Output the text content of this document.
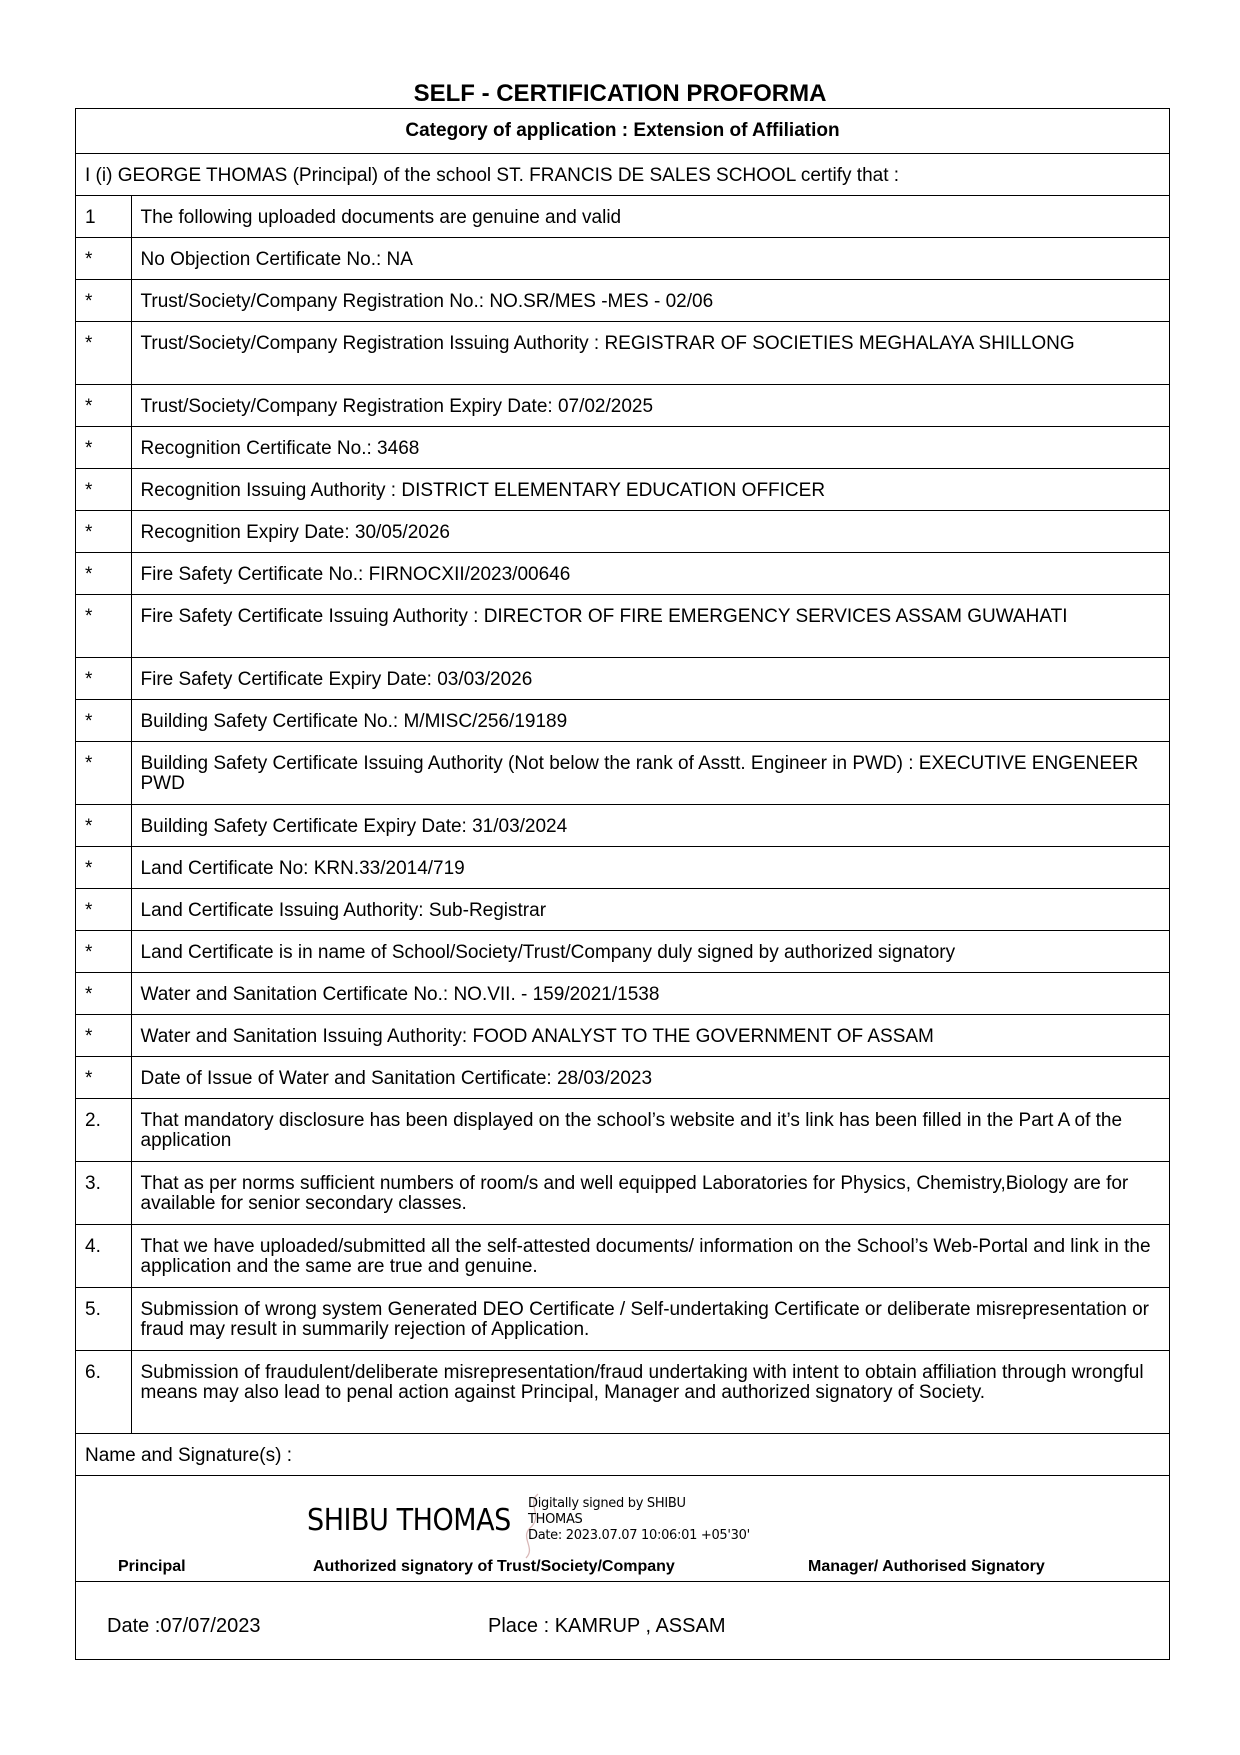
SELF - CERTIFICATION PROFORMA
Category of application : Extension of Affiliation	
I (i) GEORGE THOMAS (Principal) of the school ST. FRANCIS DE SALES SCHOOL certify that :	
1	The following uploaded documents are genuine and valid
*	No Objection Certificate No.: NA
*	Trust/Society/Company Registration No.: NO.SR/MES -MES - 02/06
*	Trust/Society/Company Registration Issuing Authority : REGISTRAR OF SOCIETIES MEGHALAYA SHILLONG
*	Trust/Society/Company Registration Expiry Date: 07/02/2025
*	Recognition Certificate No.: 3468
*	Recognition Issuing Authority : DISTRICT ELEMENTARY EDUCATION OFFICER
*	Recognition Expiry Date: 30/05/2026
*	Fire Safety Certificate No.: FIRNOCXII/2023/00646
*	Fire Safety Certificate Issuing Authority : DIRECTOR OF FIRE EMERGENCY SERVICES ASSAM GUWAHATI
*	Fire Safety Certificate Expiry Date: 03/03/2026
*	Building Safety Certificate No.: M/MISC/256/19189
*	Building Safety Certificate Issuing Authority (Not below the rank of Asstt. Engineer in PWD) : EXECUTIVE ENGENEER PWD
*	Building Safety Certificate Expiry Date: 31/03/2024
*	Land Certificate No: KRN.33/2014/719
*	Land Certificate Issuing Authority: Sub-Registrar
*	Land Certificate is in name of School/Society/Trust/Company duly signed by authorized signatory
*	Water and Sanitation Certificate No.: NO.VII. - 159/2021/1538
*	Water and Sanitation Issuing Authority: FOOD ANALYST TO THE GOVERNMENT OF ASSAM
*	Date of Issue of Water and Sanitation Certificate: 28/03/2023
2.	That mandatory disclosure has been displayed on the school’s website and it’s link has been filled in the Part A of the application
3.	That as per norms sufficient numbers of room/s and well equipped Laboratories for Physics, Chemistry,Biology are for available for senior secondary classes.
4.	That we have uploaded/submitted all the self-attested documents/ information on the School’s Web-Portal and link in the application and the same are true and genuine.
5.	Submission of wrong system Generated DEO Certificate / Self-undertaking Certificate or deliberate misrepresentation or fraud may result in summarily rejection of Application.
6.	Submission of fraudulent/deliberate misrepresentation/fraud undertaking with intent to obtain affiliation through wrongful means may also lead to penal action against Principal, Manager and authorized signatory of Society.
Name and Signature(s) :	
SHIBU THOMAS Digitally signed by SHIBU
THOMAS
Date: 2023.07.07 10:06:01 +05'30'
Principal	Authorized signatory of Trust/Society/Company	Manager/ Authorised Signatory
Date :07/07/2023	Place : KAMRUP , ASSAM
